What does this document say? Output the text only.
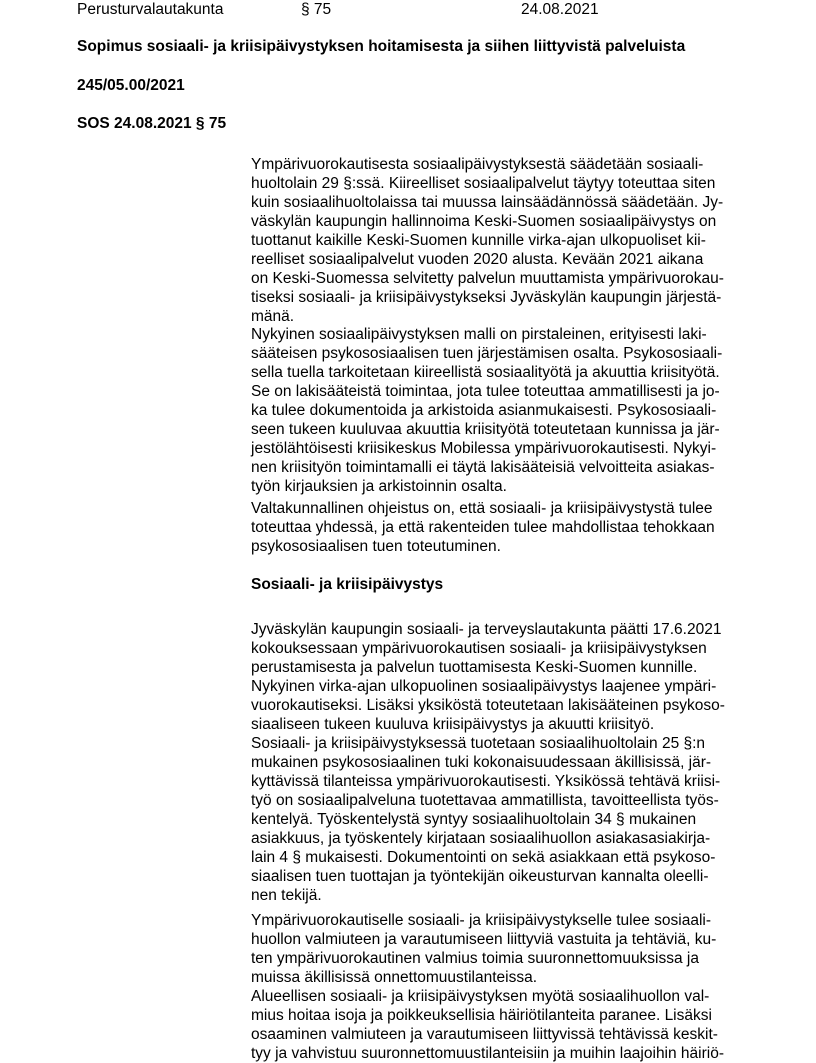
Perusturvalautakunta	§ 75	24.08.2021
Sopimus sosiaali- ja kriisipäivystyksen hoitamisesta ja siihen liittyvistä palveluista
245/05.00/2021
SOS 24.08.2021 § 75
Ympärivuorokautisesta sosiaalipäivystyksestä säädetään sosiaali-
huoltolain 29 §:ssä. Kiireelliset sosiaalipalvelut täytyy toteuttaa siten
kuin sosiaalihuoltolaissa tai muussa lainsäädännössä säädetään. Jy-
väskylän kaupungin hallinnoima Keski-Suomen sosiaalipäivystys on
tuottanut kaikille Keski-Suomen kunnille virka-ajan ulkopuoliset kii-
reelliset sosiaalipalvelut vuoden 2020 alusta. Kevään 2021 aikana
on Keski-Suomessa selvitetty palvelun muuttamista ympärivuorokau-
tiseksi sosiaali- ja kriisipäivystykseksi Jyväskylän kaupungin järjestä-
mänä.
Nykyinen sosiaalipäivystyksen malli on pirstaleinen, erityisesti laki-
sääteisen psykososiaalisen tuen järjestämisen osalta. Psykososiaali-
sella tuella tarkoitetaan kiireellistä sosiaalityötä ja akuuttia kriisityötä.
Se on lakisääteistä toimintaa, jota tulee toteuttaa ammatillisesti ja jo-
ka tulee dokumentoida ja arkistoida asianmukaisesti. Psykososiaali-
seen tukeen kuuluvaa akuuttia kriisityötä toteutetaan kunnissa ja jär-
jestölähtöisesti kriisikeskus Mobilessa ympärivuorokautisesti. Nykyi-
nen kriisityön toimintamalli ei täytä lakisääteisiä velvoitteita asiakas-
työn kirjauksien ja arkistoinnin osalta.
Valtakunnallinen ohjeistus on, että sosiaali- ja kriisipäivystystä tulee
toteuttaa yhdessä, ja että rakenteiden tulee mahdollistaa tehokkaan
psykososiaalisen tuen toteutuminen.
Sosiaali- ja kriisipäivystys
Jyväskylän kaupungin sosiaali- ja terveyslautakunta päätti 17.6.2021
kokouksessaan ympärivuorokautisen sosiaali- ja kriisipäivystyksen
perustamisesta ja palvelun tuottamisesta Keski-Suomen kunnille.
Nykyinen virka-ajan ulkopuolinen sosiaalipäivystys laajenee ympäri-
vuorokautiseksi. Lisäksi yksiköstä toteutetaan lakisääteinen psykoso-
siaaliseen tukeen kuuluva kriisipäivystys ja akuutti kriisityö.
Sosiaali- ja kriisipäivystyksessä tuotetaan sosiaalihuoltolain 25 §:n
mukainen psykososiaalinen tuki kokonaisuudessaan äkillisissä, jär-
kyttävissä tilanteissa ympärivuorokautisesti. Yksikössä tehtävä kriisi-
työ on sosiaalipalveluna tuotettavaa ammatillista, tavoitteellista työs-
kentelyä. Työskentelystä syntyy sosiaalihuoltolain 34 § mukainen
asiakkuus, ja työskentely kirjataan sosiaalihuollon asiakasasiakirja-
lain 4 § mukaisesti. Dokumentointi on sekä asiakkaan että psykoso-
siaalisen tuen tuottajan ja työntekijän oikeusturvan kannalta oleelli-
nen tekijä.
Ympärivuorokautiselle sosiaali- ja kriisipäivystykselle tulee sosiaali-
huollon valmiuteen ja varautumiseen liittyviä vastuita ja tehtäviä, ku-
ten ympärivuorokautinen valmius toimia suuronnettomuuksissa ja
muissa äkillisissä onnettomuustilanteissa.
Alueellisen sosiaali- ja kriisipäivystyksen myötä sosiaalihuollon val-
mius hoitaa isoja ja poikkeuksellisia häiriötilanteita paranee. Lisäksi
osaaminen valmiuteen ja varautumiseen liittyvissä tehtävissä keskit-
tyy ja vahvistuu suuronnettomuustilanteisiin ja muihin laajoihin häiriö-
